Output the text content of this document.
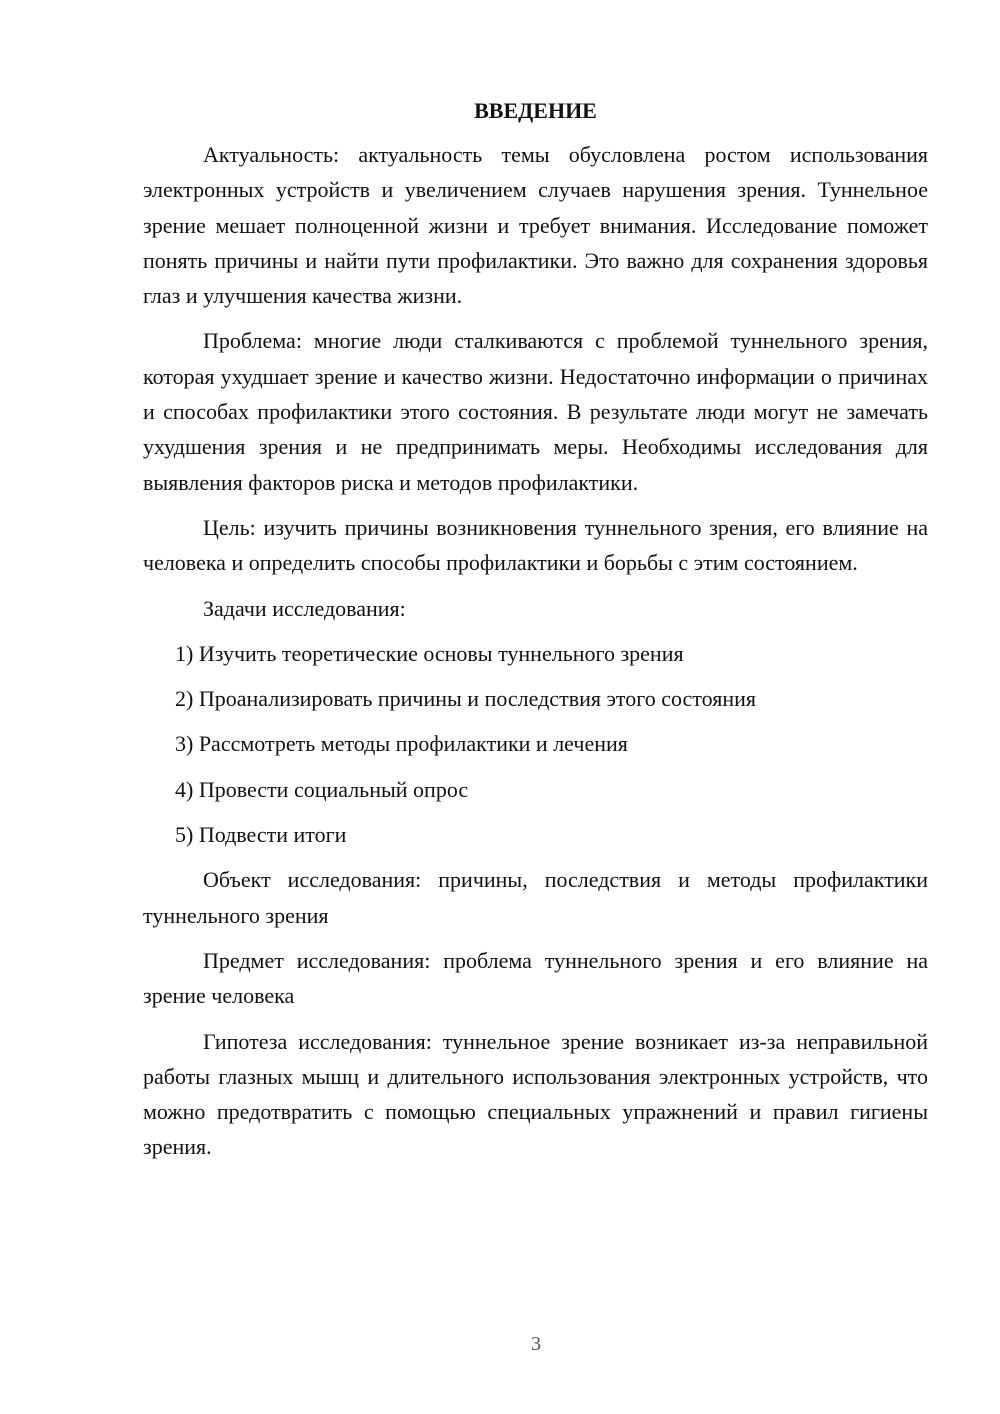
ВВЕДЕНИЕ

Актуальность: актуальность темы обусловлена ростом использования электронных устройств и увеличением случаев нарушения зрения. Туннельное зрение мешает полноценной жизни и требует внимания. Исследование поможет понять причины и найти пути профилактики. Это важно для сохранения здоровья глаз и улучшения качества жизни.

Проблема: многие люди сталкиваются с проблемой туннельного зрения, которая ухудшает зрение и качество жизни. Недостаточно информации о причинах и способах профилактики этого состояния. В результате люди могут не замечать ухудшения зрения и не предпринимать меры. Необходимы исследования для выявления факторов риска и методов профилактики.

Цель: изучить причины возникновения туннельного зрения, его влияние на человека и определить способы профилактики и борьбы с этим состоянием.

Задачи исследования:

1) Изучить теоретические основы туннельного зрения
2) Проанализировать причины и последствия этого состояния
3) Рассмотреть методы профилактики и лечения
4) Провести социальный опрос
5) Подвести итоги

Объект исследования: причины, последствия и методы профилактики туннельного зрения

Предмет исследования: проблема туннельного зрения и его влияние на зрение человека

Гипотеза исследования: туннельное зрение возникает из-за неправильной работы глазных мышц и длительного использования электронных устройств, что можно предотвратить с помощью специальных упражнений и правил гигиены зрения.

3
